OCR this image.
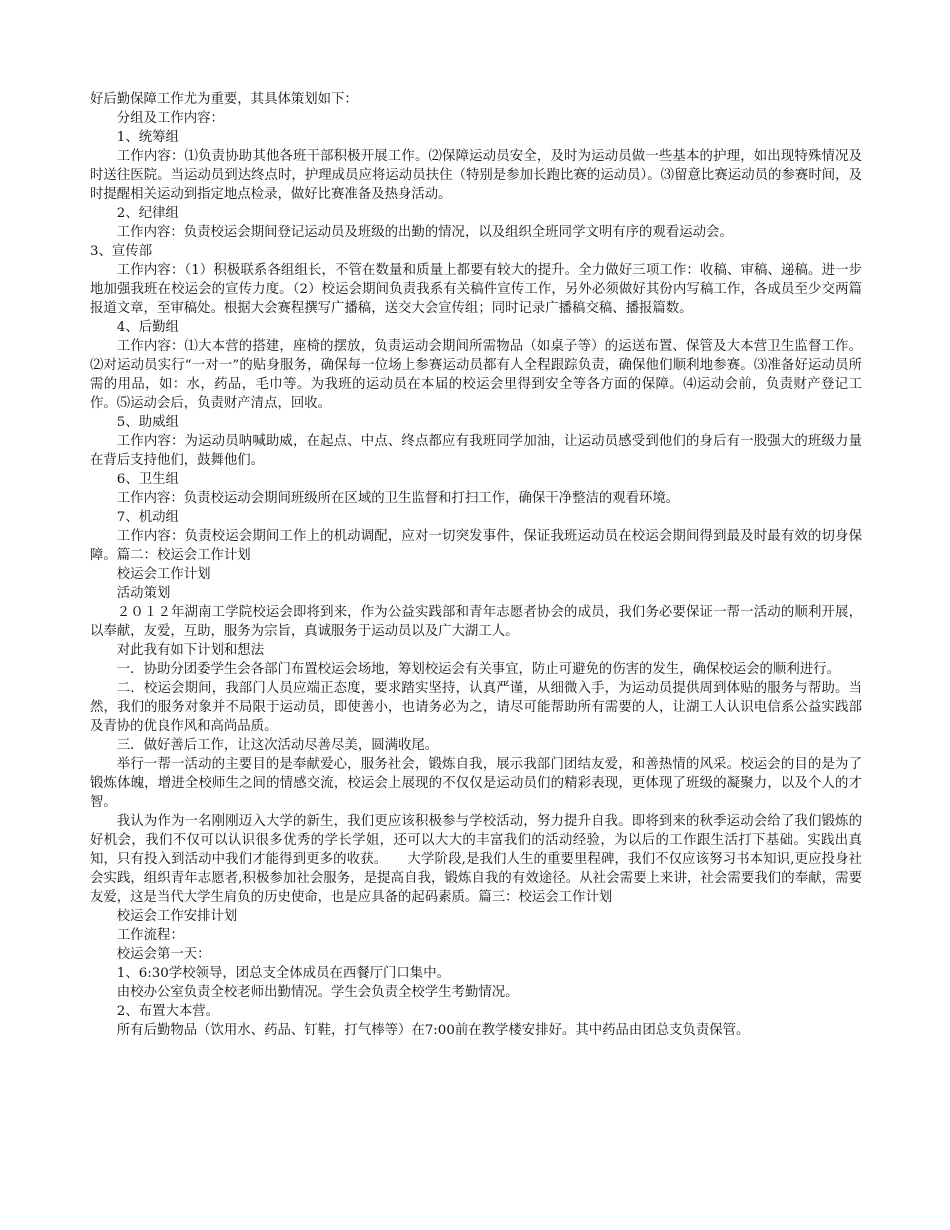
好后勤保障工作尤为重要，其具体策划如下：

分组及工作内容：

1、统筹组

工作内容：⑴负责协助其他各班干部积极开展工作。⑵保障运动员安全，及时为运动员做一些基本的护理，如出现特殊情况及时送往医院。当运动员到达终点时，护理成员应将运动员扶住（特别是参加长跑比赛的运动员）。⑶留意比赛运动员的参赛时间，及时提醒相关运动到指定地点检录，做好比赛准备及热身活动。

2、纪律组

工作内容：负责校运会期间登记运动员及班级的出勤的情况，以及组织全班同学文明有序的观看运动会。

3、宣传部

工作内容：（1）积极联系各组组长，不管在数量和质量上都要有较大的提升。全力做好三项工作：收稿、审稿、递稿。进一步地加强我班在校运会的宣传力度。（2）校运会期间负责我系有关稿件宣传工作，另外必须做好其份内写稿工作，各成员至少交两篇报道文章，至审稿处。根据大会赛程撰写广播稿，送交大会宣传组；同时记录广播稿交稿、播报篇数。

4、后勤组

工作内容：⑴大本营的搭建，座椅的摆放，负责运动会期间所需物品（如桌子等）的运送布置、保管及大本营卫生监督工作。⑵对运动员实行“一对一”的贴身服务，确保每一位场上参赛运动员都有人全程跟踪负责，确保他们顺利地参赛。⑶准备好运动员所需的用品，如：水，药品，毛巾等。为我班的运动员在本届的校运会里得到安全等各方面的保障。⑷运动会前，负责财产登记工作。⑸运动会后，负责财产清点，回收。

5、助威组

工作内容：为运动员呐喊助威，在起点、中点、终点都应有我班同学加油，让运动员感受到他们的身后有一股强大的班级力量在背后支持他们，鼓舞他们。

6、卫生组

工作内容：负责校运动会期间班级所在区域的卫生监督和打扫工作，确保干净整洁的观看环境。

7、机动组

工作内容：负责校运会期间工作上的机动调配，应对一切突发事件，保证我班运动员在校运会期间得到最及时最有效的切身保障。篇二：校运会工作计划

校运会工作计划

活动策划

２０１２年湖南工学院校运会即将到来，作为公益实践部和青年志愿者协会的成员，我们务必要保证一帮一活动的顺利开展，以奉献，友爱，互助，服务为宗旨，真诚服务于运动员以及广大湖工人。

对此我有如下计划和想法

一．协助分团委学生会各部门布置校运会场地，筹划校运会有关事宜，防止可避免的伤害的发生，确保校运会的顺利进行。

二．校运会期间，我部门人员应端正态度，要求踏实坚持，认真严谨，从细微入手，为运动员提供周到体贴的服务与帮助。当然，我们的服务对象并不局限于运动员，即使善小，也请务必为之，请尽可能帮助所有需要的人，让湖工人认识电信系公益实践部及青协的优良作风和高尚品质。

三．做好善后工作，让这次活动尽善尽美，圆满收尾。

举行一帮一活动的主要目的是奉献爱心，服务社会，锻炼自我，展示我部门团结友爱，和善热情的风采。校运会的目的是为了锻炼体魄，增进全校师生之间的情感交流，校运会上展现的不仅仅是运动员们的精彩表现，更体现了班级的凝聚力，以及个人的才智。

我认为作为一名刚刚迈入大学的新生，我们更应该积极参与学校活动，努力提升自我。即将到来的秋季运动会给了我们锻炼的好机会，我们不仅可以认识很多优秀的学长学姐，还可以大大的丰富我们的活动经验，为以后的工作跟生活打下基础。实践出真知，只有投入到活动中我们才能得到更多的收获。　　大学阶段,是我们人生的重要里程碑，我们不仅应该努习书本知识,更应投身社会实践，组织青年志愿者,积极参加社会服务，是提高自我，锻炼自我的有效途径。从社会需要上来讲，社会需要我们的奉献，需要友爱，这是当代大学生肩负的历史使命，也是应具备的起码素质。篇三：校运会工作计划

校运会工作安排计划

工作流程：

校运会第一天：

1、6:30学校领导，团总支全体成员在西餐厅门口集中。

由校办公室负责全校老师出勤情况。学生会负责全校学生考勤情况。

2、布置大本营。

所有后勤物品（饮用水、药品、钉鞋，打气棒等）在7:00前在教学楼安排好。其中药品由团总支负责保管。
